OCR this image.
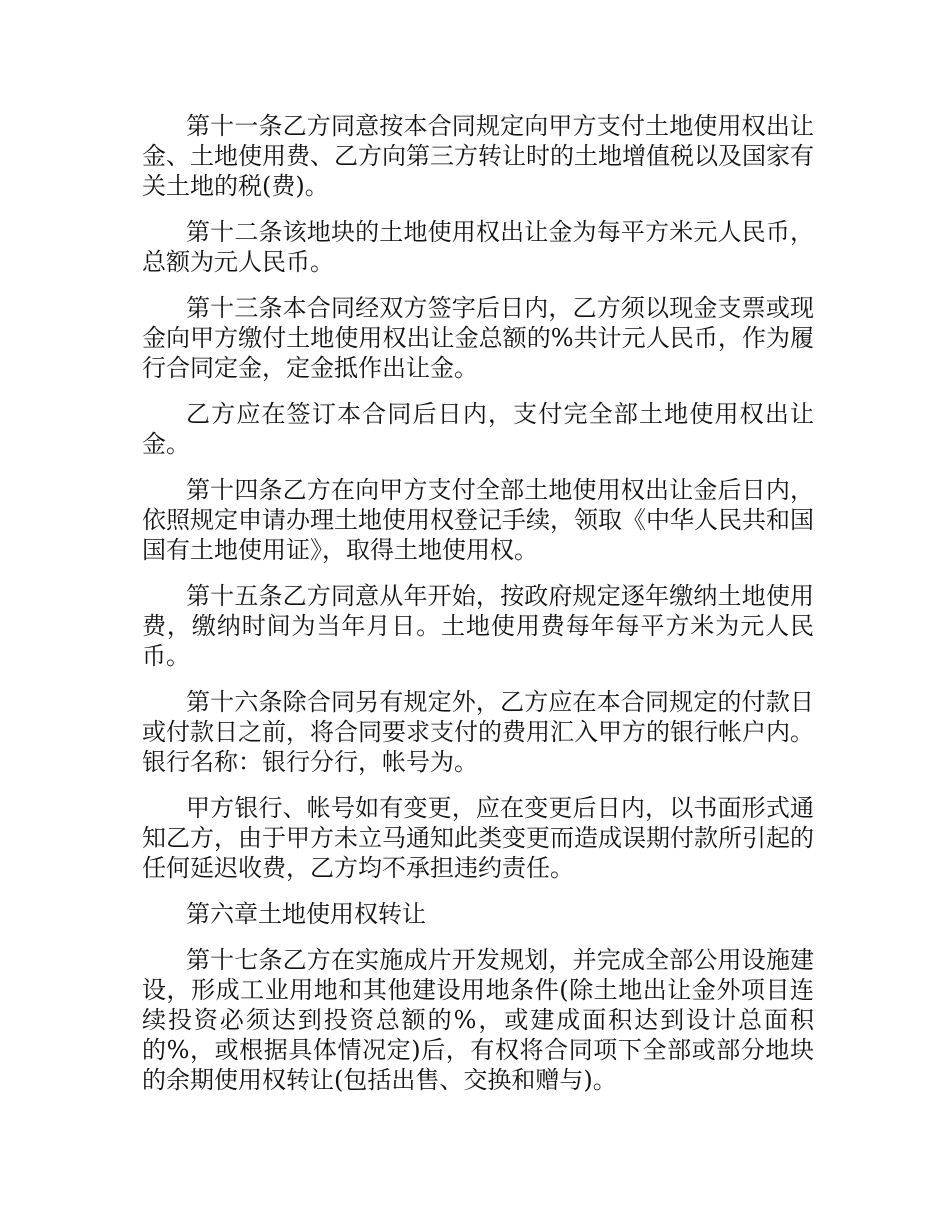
第十一条乙方同意按本合同规定向甲方支付土地使用权出让金、土地使用费、乙方向第三方转让时的土地增值税以及国家有关土地的税(费)。

第十二条该地块的土地使用权出让金为每平方米元人民币，总额为元人民币。

第十三条本合同经双方签字后日内，乙方须以现金支票或现金向甲方缴付土地使用权出让金总额的%共计元人民币，作为履行合同定金，定金抵作出让金。

乙方应在签订本合同后日内，支付完全部土地使用权出让金。

第十四条乙方在向甲方支付全部土地使用权出让金后日内，依照规定申请办理土地使用权登记手续，领取《中华人民共和国国有土地使用证》，取得土地使用权。

第十五条乙方同意从年开始，按政府规定逐年缴纳土地使用费，缴纳时间为当年月日。土地使用费每年每平方米为元人民币。

第十六条除合同另有规定外，乙方应在本合同规定的付款日或付款日之前，将合同要求支付的费用汇入甲方的银行帐户内。银行名称：银行分行，帐号为。

甲方银行、帐号如有变更，应在变更后日内，以书面形式通知乙方，由于甲方未立马通知此类变更而造成误期付款所引起的任何延迟收费，乙方均不承担违约责任。

第六章土地使用权转让

第十七条乙方在实施成片开发规划，并完成全部公用设施建设，形成工业用地和其他建设用地条件(除土地出让金外项目连续投资必须达到投资总额的%，或建成面积达到设计总面积的%，或根据具体情况定)后，有权将合同项下全部或部分地块的余期使用权转让(包括出售、交换和赠与)。
